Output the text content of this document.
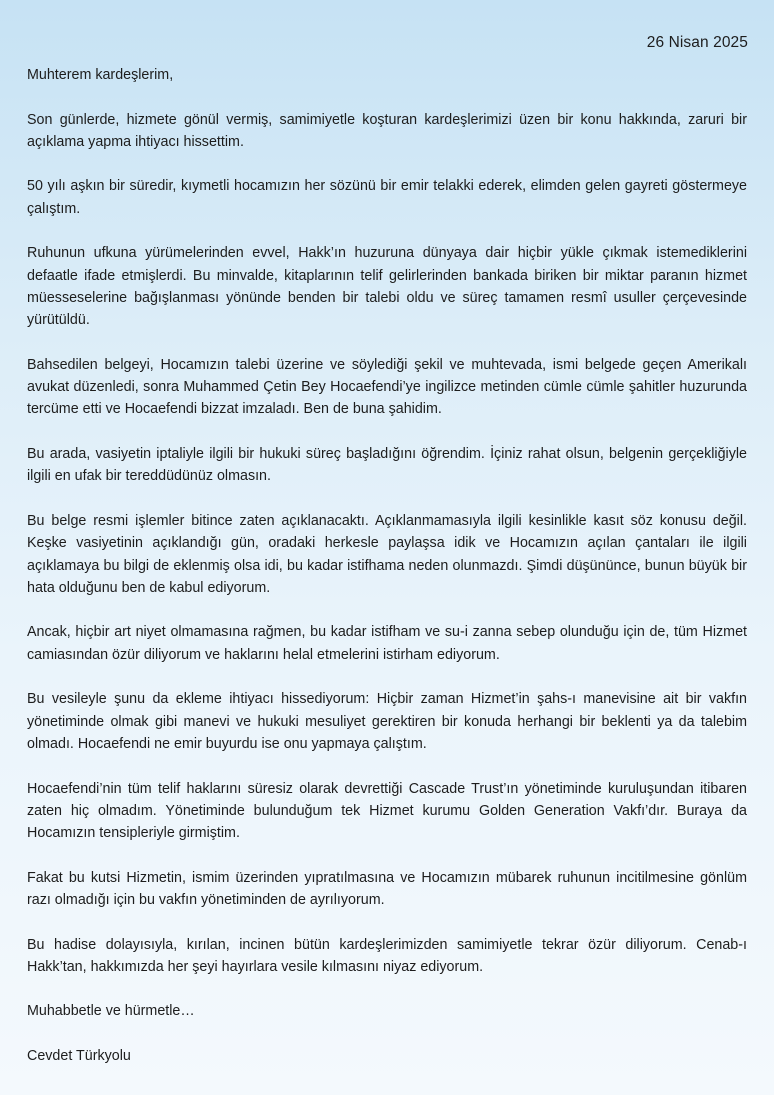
26 Nisan 2025

Muhterem kardeşlerim,

Son günlerde, hizmete gönül vermiş, samimiyetle koşturan kardeşlerimizi üzen bir konu hakkında, zaruri bir açıklama yapma ihtiyacı hissettim.

50 yılı aşkın bir süredir, kıymetli hocamızın her sözünü bir emir telakki ederek, elimden gelen gayreti göstermeye çalıştım.

Ruhunun ufkuna yürümelerinden evvel, Hakk’ın huzuruna dünyaya dair hiçbir yükle çıkmak istemediklerini defaatle ifade etmişlerdi. Bu minvalde, kitaplarının telif gelirlerinden bankada biriken bir miktar paranın hizmet müesseselerine bağışlanması yönünde benden bir talebi oldu ve süreç tamamen resmî usuller çerçevesinde yürütüldü.

Bahsedilen belgeyi, Hocamızın talebi üzerine ve söylediği şekil ve muhtevada, ismi belgede geçen Amerikalı avukat düzenledi, sonra Muhammed Çetin Bey Hocaefendi’ye ingilizce metinden cümle cümle şahitler huzurunda tercüme etti ve Hocaefendi bizzat imzaladı. Ben de buna şahidim.

Bu arada, vasiyetin iptaliyle ilgili bir hukuki süreç başladığını öğrendim. İçiniz rahat olsun, belgenin gerçekliğiyle ilgili en ufak bir tereddüdünüz olmasın.

Bu belge resmi işlemler bitince zaten açıklanacaktı. Açıklanmamasıyla ilgili kesinlikle kasıt söz konusu değil. Keşke vasiyetinin açıklandığı gün, oradaki herkesle paylaşsa idik ve Hocamızın açılan çantaları ile ilgili açıklamaya bu bilgi de eklenmiş olsa idi, bu kadar istifhama neden olunmazdı. Şimdi düşününce, bunun büyük bir hata olduğunu ben de kabul ediyorum.

Ancak, hiçbir art niyet olmamasına rağmen, bu kadar istifham ve su-i zanna sebep olunduğu için de, tüm Hizmet camiasından özür diliyorum ve haklarını helal etmelerini istirham ediyorum.

Bu vesileyle şunu da ekleme ihtiyacı hissediyorum: Hiçbir zaman Hizmet’in şahs-ı manevisine ait bir vakfın yönetiminde olmak gibi manevi ve hukuki mesuliyet gerektiren bir konuda herhangi bir beklenti ya da talebim olmadı. Hocaefendi ne emir buyurdu ise onu yapmaya çalıştım.

Hocaefendi’nin tüm telif haklarını süresiz olarak devrettiği Cascade Trust’ın yönetiminde kuruluşundan itibaren zaten hiç olmadım. Yönetiminde bulunduğum tek Hizmet kurumu Golden Generation Vakfı’dır. Buraya da Hocamızın tensipleriyle girmiştim.

Fakat bu kutsi Hizmetin, ismim üzerinden yıpratılmasına ve Hocamızın mübarek ruhunun incitilmesine gönlüm razı olmadığı için bu vakfın yönetiminden de ayrılıyorum.

Bu hadise dolayısıyla, kırılan, incinen bütün kardeşlerimizden samimiyetle tekrar özür diliyorum. Cenab-ı Hakk’tan, hakkımızda her şeyi hayırlara vesile kılmasını niyaz ediyorum.

Muhabbetle ve hürmetle…

Cevdet Türkyolu
